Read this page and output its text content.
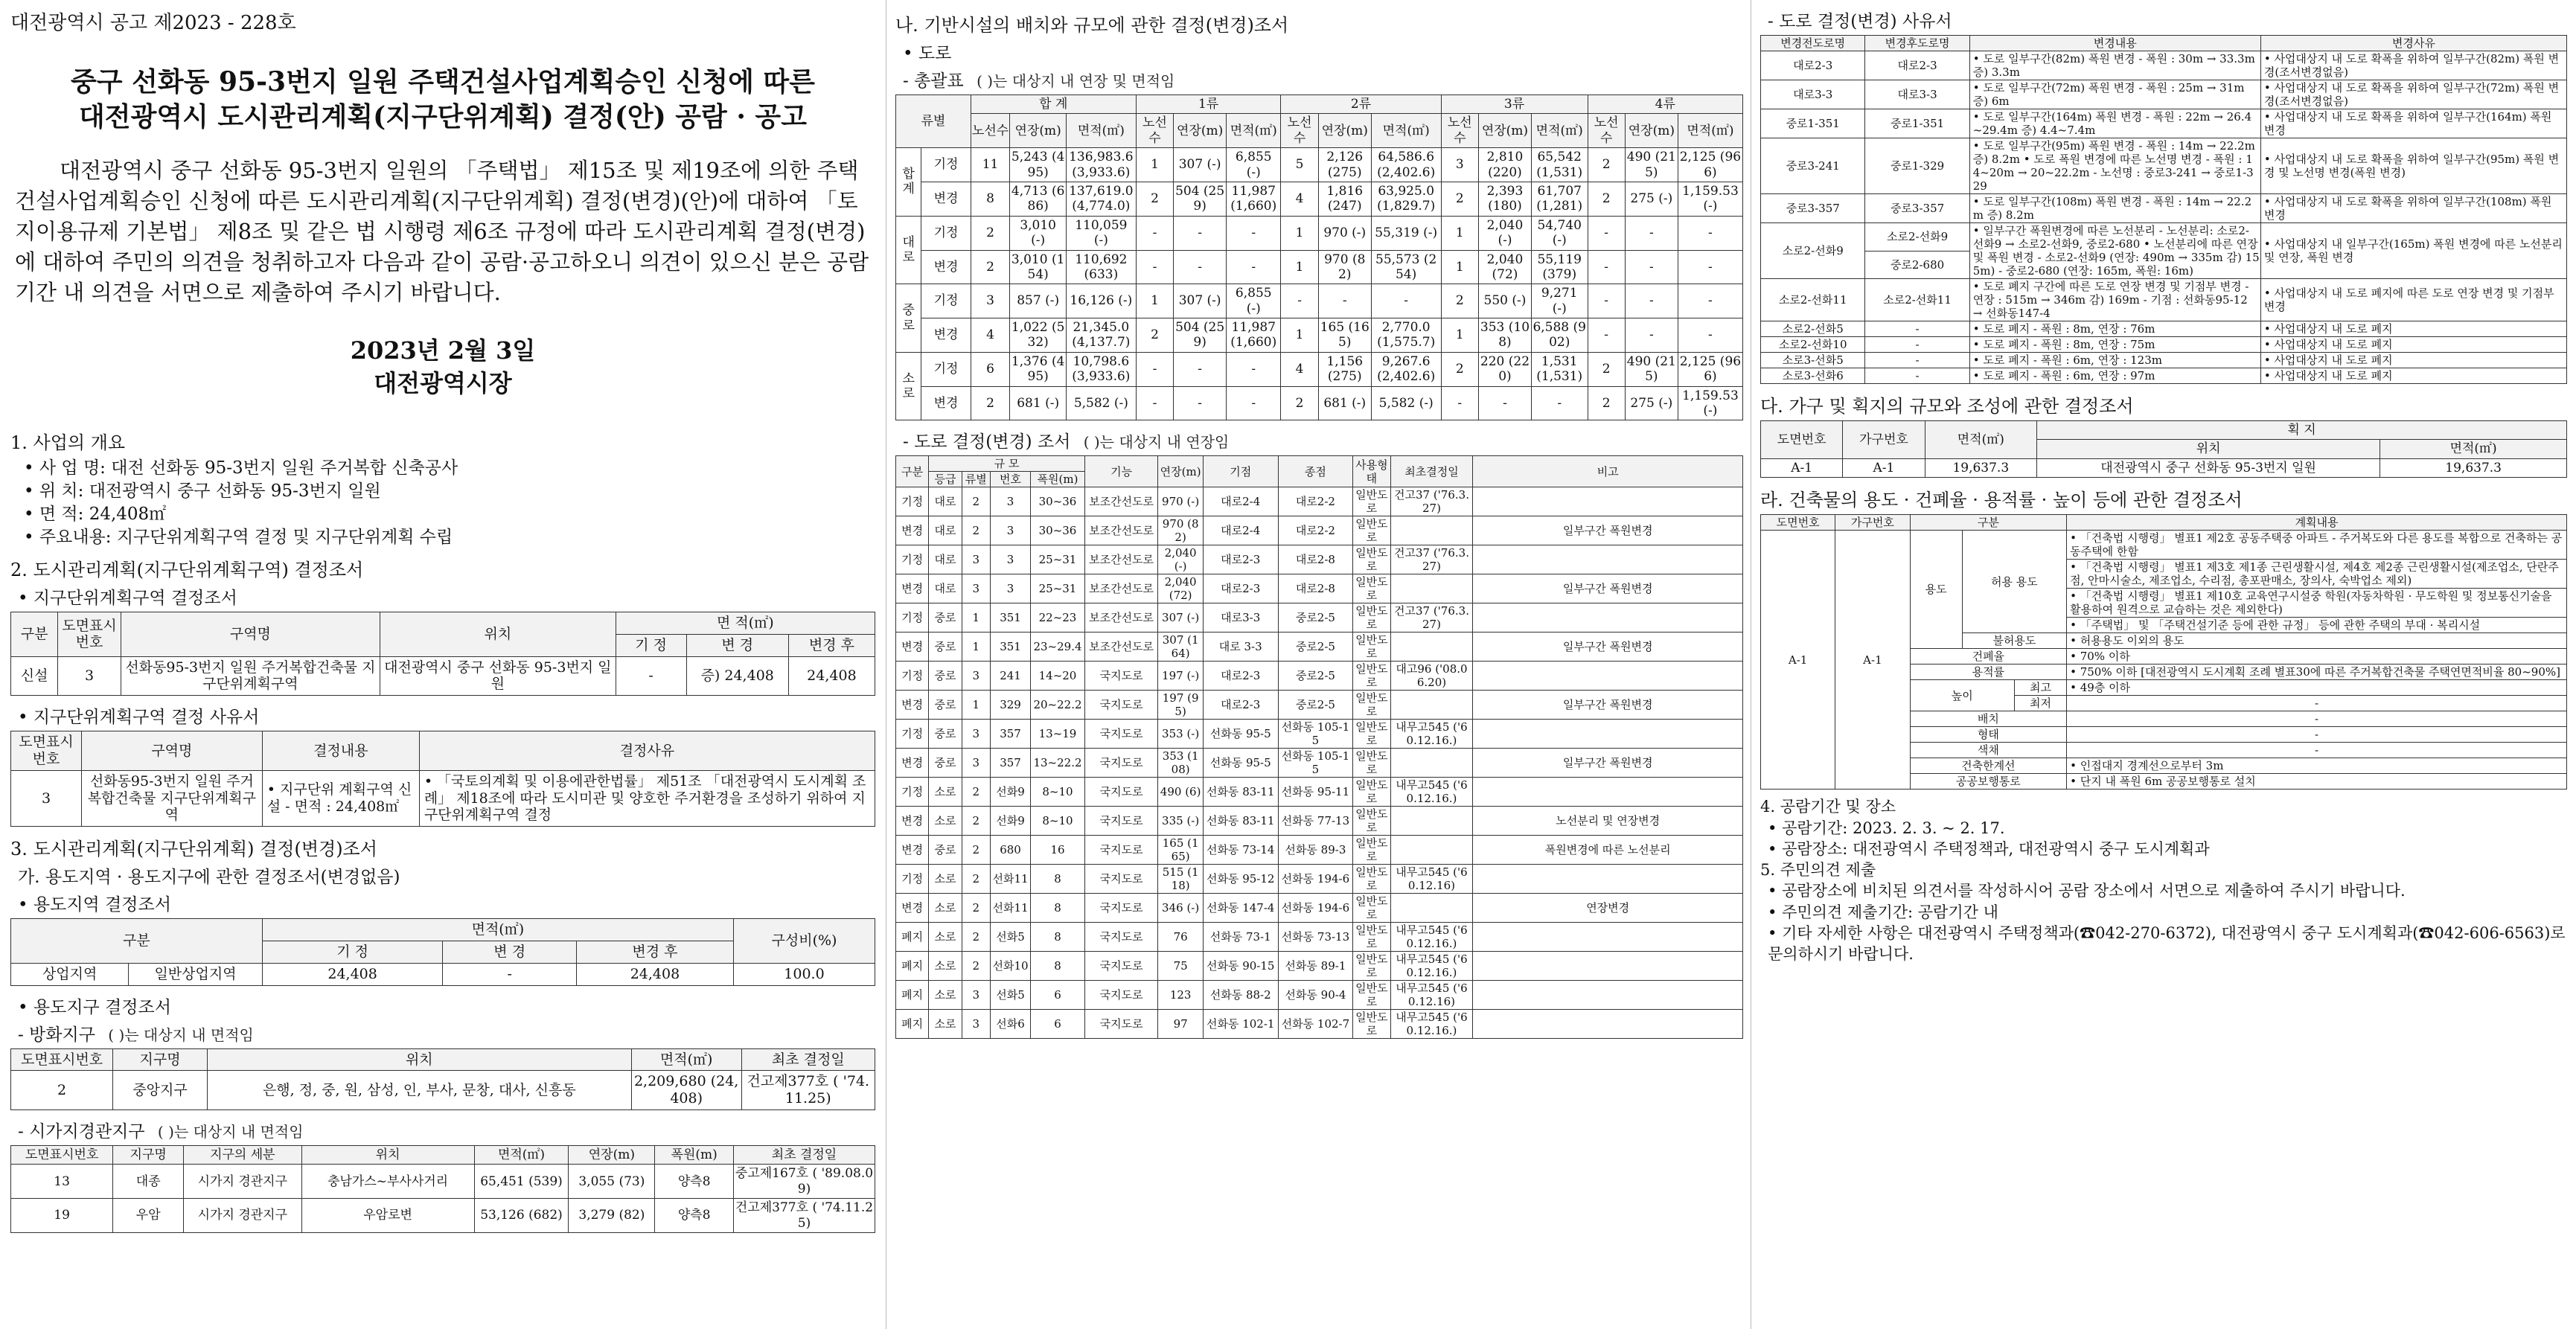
대전광역시 공고 제2023 - 228호
중구 선화동 95-3번지 일원 주택건설사업계획승인 신청에 따른
대전광역시 도시관리계획(지구단위계획) 결정(안) 공람 · 공고
대전광역시 중구 선화동 95-3번지 일원의 「주택법」 제15조 및 제19조에 의한 주택건설사업계획승인 신청에 따른 도시관리계획(지구단위계획) 결정(변경)(안)에 대하여 「토지이용규제 기본법」 제8조 및 같은 법 시행령 제6조 규정에 따라 도시관리계획 결정(변경)에 대하여 주민의 의견을 청취하고자 다음과 같이 공람·공고하오니 의견이 있으신 분은 공람 기간 내 의견을 서면으로 제출하여 주시기 바랍니다.
2023년 2월 3일
대전광역시장
1. 사업의 개요
• 사 업 명: 대전 선화동 95-3번지 일원 주거복합 신축공사
• 위 치: 대전광역시 중구 선화동 95-3번지 일원
• 면 적: 24,408㎡
• 주요내용: 지구단위계획구역 결정 및 지구단위계획 수립
2. 도시관리계획(지구단위계획구역) 결정조서
• 지구단위계획구역 결정조서
구분	도면표시번호	구역명	위치	면 적(㎡)		
				기 정	변 경	변경 후
신설	3	선화동95-3번지 일원 주거복합건축물 지구단위계획구역	대전광역시 중구 선화동 95-3번지 일원	-	증) 24,408	24,408
• 지구단위계획구역 결정 사유서
도면표시번호	구역명	결정내용	결정사유
3	선화동95-3번지 일원 주거복합건축물 지구단위계획구역	• 지구단위 계획구역 신설 - 면적 : 24,408㎡	• 「국토의계획 및 이용에관한법률」 제51조 「대전광역시 도시계획 조례」 제18조에 따라 도시미관 및 양호한 주거환경을 조성하기 위하여 지구단위계획구역 결정
3. 도시관리계획(지구단위계획) 결정(변경)조서
가. 용도지역 · 용도지구에 관한 결정조서(변경없음)
• 용도지역 결정조서
구분		면적(㎡)			구성비(%)
		기 정	변 경	변경 후	
상업지역	일반상업지역	24,408	-	24,408	100.0
• 용도지구 결정조서
- 방화지구 ( )는 대상지 내 면적임
도면표시번호	지구명	위치	면적(㎡)	최초 결정일
2	중앙지구	은행, 정, 중, 원, 삼성, 인, 부사, 문창, 대사, 신흥동	2,209,680 (24,408)	건고제377호 ( '74.11.25)
- 시가지경관지구 ( )는 대상지 내 면적임
도면표시번호	지구명	지구의 세분	위치	면적(㎡)	연장(m)	폭원(m)	최초 결정일
13	대종	시가지 경관지구	충남가스~부사사거리	65,451 (539)	3,055 (73)	양측8	중고제167호 ( '89.08.09)
19	우암	시가지 경관지구	우암로변	53,126 (682)	3,279 (82)	양측8	건고제377호 ( '74.11.25)
나. 기반시설의 배치와 규모에 관한 결정(변경)조서
• 도로
- 총괄표 ( )는 대상지 내 연장 및 면적임
류별		합 계			1류			2류			3류			4류		
		노선수	연장(m)	면적(㎡)	노선수	연장(m)	면적(㎡)	노선수	연장(m)	면적(㎡)	노선수	연장(m)	면적(㎡)	노선수	연장(m)	면적(㎡)
합계	기정	11	5,243 (495)	136,983.6 (3,933.6)	1	307 (-)	6,855 (-)	5	2,126 (275)	64,586.6 (2,402.6)	3	2,810 (220)	65,542 (1,531)	2	490 (215)	2,125 (966)
	변경	8	4,713 (686)	137,619.0 (4,774.0)	2	504 (259)	11,987 (1,660)	4	1,816 (247)	63,925.0 (1,829.7)	2	2,393 (180)	61,707 (1,281)	2	275 (-)	1,159.53 (-)
대로	기정	2	3,010 (-)	110,059 (-)	-	-	-	1	970 (-)	55,319 (-)	1	2,040 (-)	54,740 (-)	-	-	-
	변경	2	3,010 (154)	110,692 (633)	-	-	-	1	970 (82)	55,573 (254)	1	2,040 (72)	55,119 (379)	-	-	-
중로	기정	3	857 (-)	16,126 (-)	1	307 (-)	6,855 (-)	-	-	-	2	550 (-)	9,271 (-)	-	-	-
	변경	4	1,022 (532)	21,345.0 (4,137.7)	2	504 (259)	11,987 (1,660)	1	165 (165)	2,770.0 (1,575.7)	1	353 (108)	6,588 (902)	-	-	-
소로	기정	6	1,376 (495)	10,798.6 (3,933.6)	-	-	-	4	1,156 (275)	9,267.6 (2,402.6)	2	220 (220)	1,531 (1,531)	2	490 (215)	2,125 (966)
	변경	2	681 (-)	5,582 (-)	-	-	-	2	681 (-)	5,582 (-)	-	-	-	2	275 (-)	1,159.53 (-)
- 도로 결정(변경) 조서 ( )는 대상지 내 연장임
구분	규 모				기능	연장(m)	기점	종점	사용형태	최초결정일	비고
	등급	류별	번호	폭원(m)							
기정	대로	2	3	30~36	보조간선도로	970 (-)	대로2-4	대로2-2	일반도로	건고37 ('76.3.27)	
변경	대로	2	3	30~36	보조간선도로	970 (82)	대로2-4	대로2-2	일반도로		일부구간 폭원변경
기정	대로	3	3	25~31	보조간선도로	2,040 (-)	대로2-3	대로2-8	일반도로	건고37 ('76.3.27)	
변경	대로	3	3	25~31	보조간선도로	2,040 (72)	대로2-3	대로2-8	일반도로		일부구간 폭원변경
기정	중로	1	351	22~23	보조간선도로	307 (-)	대로3-3	중로2-5	일반도로	건고37 ('76.3.27)	
변경	중로	1	351	23~29.4	보조간선도로	307 (164)	대로 3-3	중로2-5	일반도로		일부구간 폭원변경
기정	중로	3	241	14~20	국지도로	197 (-)	대로2-3	중로2-5	일반도로	대고96 ('08.06.20)	
변경	중로	1	329	20~22.2	국지도로	197 (95)	대로2-3	중로2-5	일반도로		일부구간 폭원변경
기정	중로	3	357	13~19	국지도로	353 (-)	선화동 95-5	선화동 105-15	일반도로	내무고545 ('60.12.16.)	
변경	중로	3	357	13~22.2	국지도로	353 (108)	선화동 95-5	선화동 105-15	일반도로		일부구간 폭원변경
기정	소로	2	선화9	8~10	국지도로	490 (6)	선화동 83-11	선화동 95-11	일반도로	내무고545 ('60.12.16.)	
변경	소로	2	선화9	8~10	국지도로	335 (-)	선화동 83-11	선화동 77-13	일반도로		노선분리 및 연장변경
변경	중로	2	680	16	국지도로	165 (165)	선화동 73-14	선화동 89-3	일반도로		폭원변경에 따른 노선분리
기정	소로	2	선화11	8	국지도로	515 (118)	선화동 95-12	선화동 194-6	일반도로	내무고545 ('60.12.16)	
변경	소로	2	선화11	8	국지도로	346 (-)	선화동 147-4	선화동 194-6	일반도로		연장변경
폐지	소로	2	선화5	8	국지도로	76	선화동 73-1	선화동 73-13	일반도로	내무고545 ('60.12.16.)	
폐지	소로	2	선화10	8	국지도로	75	선화동 90-15	선화동 89-1	일반도로	내무고545 ('60.12.16.)	
폐지	소로	3	선화5	6	국지도로	123	선화동 88-2	선화동 90-4	일반도로	내무고545 ('60.12.16)	
폐지	소로	3	선화6	6	국지도로	97	선화동 102-1	선화동 102-7	일반도로	내무고545 ('60.12.16.)	
- 도로 결정(변경) 사유서
변경전도로명	변경후도로명	변경내용	변경사유
대로2-3	대로2-3	• 도로 일부구간(82m) 폭원 변경 - 폭원 : 30m → 33.3m 증) 3.3m	• 사업대상지 내 도로 확폭을 위하여 일부구간(82m) 폭원 변경(조서변경없음)
대로3-3	대로3-3	• 도로 일부구간(72m) 폭원 변경 - 폭원 : 25m → 31m 증) 6m	• 사업대상지 내 도로 확폭을 위하여 일부구간(72m) 폭원 변경(조서변경없음)
중로1-351	중로1-351	• 도로 일부구간(164m) 폭원 변경 - 폭원 : 22m → 26.4~29.4m 증) 4.4~7.4m	• 사업대상지 내 도로 확폭을 위하여 일부구간(164m) 폭원 변경
중로3-241	중로1-329	• 도로 일부구간(95m) 폭원 변경 - 폭원 : 14m → 22.2m 증) 8.2m • 도로 폭원 변경에 따른 노선명 변경 - 폭원 : 14~20m → 20~22.2m - 노선명 : 중로3-241 → 중로1-329	• 사업대상지 내 도로 확폭을 위하여 일부구간(95m) 폭원 변경 및 노선명 변경(폭원 변경)
중로3-357	중로3-357	• 도로 일부구간(108m) 폭원 변경 - 폭원 : 14m → 22.2m 증) 8.2m	• 사업대상지 내 도로 확폭을 위하여 일부구간(108m) 폭원 변경
소로2-선화9	소로2-선화9	• 일부구간 폭원변경에 따른 노선분리 - 노선분리: 소로2-선화9 → 소로2-선화9, 중로2-680 • 노선분리에 따른 연장 및 폭원 변경 - 소로2-선화9 (연장: 490m → 335m 감) 155m) - 중로2-680 (연장: 165m, 폭원: 16m)	• 사업대상지 내 일부구간(165m) 폭원 변경에 따른 노선분리 및 연장, 폭원 변경
	중로2-680		
소로2-선화11	소로2-선화11	• 도로 폐지 구간에 따른 도로 연장 변경 및 기점부 변경 - 연장 : 515m → 346m 감) 169m - 기점 : 선화동95-12 → 선화동147-4	• 사업대상지 내 도로 폐지에 따른 도로 연장 변경 및 기점부 변경
소로2-선화5	-	• 도로 폐지 - 폭원 : 8m, 연장 : 76m	• 사업대상지 내 도로 폐지
소로2-선화10	-	• 도로 폐지 - 폭원 : 8m, 연장 : 75m	• 사업대상지 내 도로 폐지
소로3-선화5	-	• 도로 폐지 - 폭원 : 6m, 연장 : 123m	• 사업대상지 내 도로 폐지
소로3-선화6	-	• 도로 폐지 - 폭원 : 6m, 연장 : 97m	• 사업대상지 내 도로 폐지
다. 가구 및 획지의 규모와 조성에 관한 결정조서
도면번호	가구번호	면적(㎡)	획 지	
			위치	면적(㎡)
A-1	A-1	19,637.3	대전광역시 중구 선화동 95-3번지 일원	19,637.3
라. 건축물의 용도 · 건폐율 · 용적률 · 높이 등에 관한 결정조서
도면번호	가구번호	구분			계획내용
A-1	A-1	용도	허용 용도		• 「건축법 시행령」 별표1 제2호 공동주택중 아파트 - 주거복도와 다른 용도를 복합으로 건축하는 공동주택에 한함
					• 「건축법 시행령」 별표1 제3호 제1종 근린생활시설, 제4호 제2종 근린생활시설(제조업소, 단란주점, 안마시술소, 제조업소, 수리점, 총포판매소, 장의사, 숙박업소 제외)
					• 「건축법 시행령」 별표1 제10호 교육연구시설중 학원(자동차학원 · 무도학원 및 정보통신기술을 활용하여 원격으로 교습하는 것은 제외한다)
					• 「주택법」 및 「주택건설기준 등에 관한 규정」 등에 관한 주택의 부대 · 복리시설
			불허용도		• 허용용도 이외의 용도
		건폐율			• 70% 이하
		용적률			• 750% 이하 [대전광역시 도시계획 조례 별표30에 따른 주거복합건축물 주택연면적비율 80~90%]
		높이		최고	• 49층 이하
				최저	-
		배치			-
		형태			-
		색채			-
		건축한계선			• 인접대지 경계선으로부터 3m
		공공보행통로			• 단지 내 폭원 6m 공공보행통로 설치
4. 공람기간 및 장소
• 공람기간: 2023. 2. 3. ~ 2. 17.
• 공람장소: 대전광역시 주택정책과, 대전광역시 중구 도시계획과
5. 주민의견 제출
• 공람장소에 비치된 의견서를 작성하시어 공람 장소에서 서면으로 제출하여 주시기 바랍니다.
• 주민의견 제출기간: 공람기간 내
• 기타 자세한 사항은 대전광역시 주택정책과(☎042-270-6372), 대전광역시 중구 도시계획과(☎042-606-6563)로 문의하시기 바랍니다.
